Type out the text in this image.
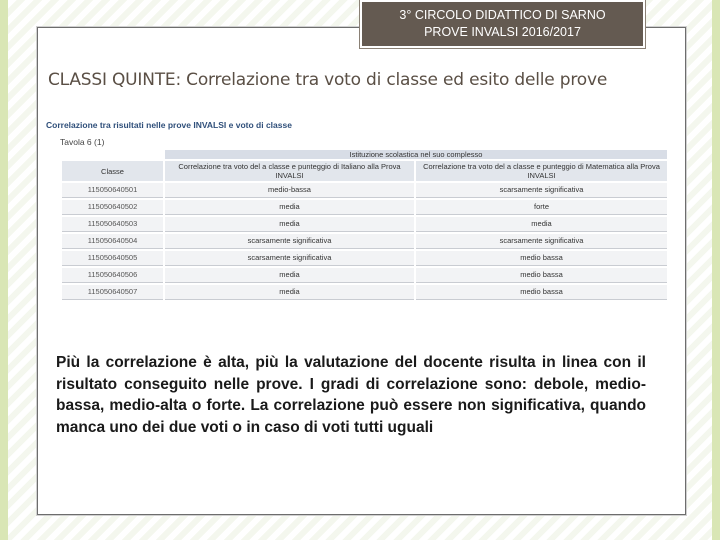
3° CIRCOLO DIDATTICO DI SARNO
PROVE INVALSI 2016/2017
CLASSI QUINTE: Correlazione tra voto di classe ed esito delle prove
Correlazione tra risultati nelle prove INVALSI e voto di classe
Tavola 6 (1)
	Istituzione scolastica nel suo complesso	
Classe	Correlazione tra voto del a classe e punteggio di Italiano alla Prova INVALSI	Correlazione tra voto del a classe e punteggio di Matematica alla Prova INVALSI
115050640501	medio-bassa	scarsamente significativa
115050640502	media	forte
115050640503	media	media
115050640504	scarsamente significativa	scarsamente significativa
115050640505	scarsamente significativa	medio bassa
115050640506	media	medio bassa
115050640507	media	medio bassa
Più la correlazione è alta, più la valutazione del docente risulta in linea con il risultato conseguito nelle prove. I gradi di correlazione sono: debole, medio-bassa, medio-alta o forte. La correlazione può essere non significativa, quando manca uno dei due voti o in caso di voti tutti uguali
